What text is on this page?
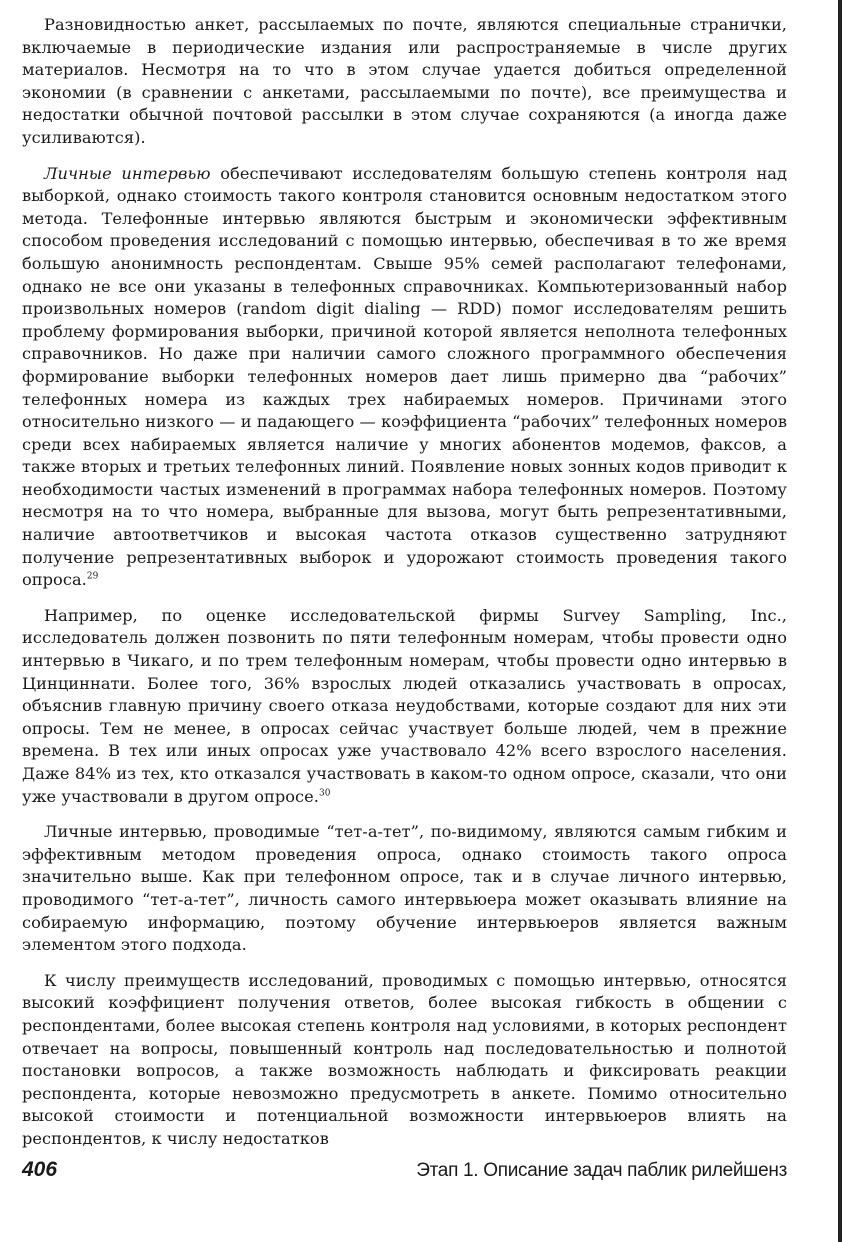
Разновидностью анкет, рассылаемых по почте, являются специальные странички, включаемые в периодические издания или распространяемые в числе других материалов. Несмотря на то что в этом случае удается добиться определенной экономии (в сравнении с анкетами, рассылаемыми по почте), все преимущества и недостатки обычной почтовой рассылки в этом случае сохраняются (а иногда даже усиливаются).

Личные интервью обеспечивают исследователям большую степень контроля над выборкой, однако стоимость такого контроля становится основным недостатком этого метода. Телефонные интервью являются быстрым и экономически эффективным способом проведения исследований с помощью интервью, обеспечивая в то же время большую анонимность респондентам. Свыше 95% семей располагают телефонами, однако не все они указаны в телефонных справочниках. Компьютеризованный набор произвольных номеров (random digit dialing — RDD) помог исследователям решить проблему формирования выборки, причиной которой является неполнота телефонных справочников. Но даже при наличии самого сложного программного обеспечения формирование выборки телефонных номеров дает лишь примерно два “рабочих” телефонных номера из каждых трех набираемых номеров. Причинами этого относительно низкого — и падающего — коэффициента “рабочих” телефонных номеров среди всех набираемых является наличие у многих абонентов модемов, факсов, а также вторых и третьих телефонных линий. Появление новых зонных кодов приводит к необходимости частых изменений в программах набора телефонных номеров. Поэтому несмотря на то что номера, выбранные для вызова, могут быть репрезентативными, наличие автоответчиков и высокая частота отказов существенно затрудняют получение репрезентативных выборок и удорожают стоимость проведения такого опроса.$^{29}$

Например, по оценке исследовательской фирмы Survey Sampling, Inc., исследователь должен позвонить по пяти телефонным номерам, чтобы провести одно интервью в Чикаго, и по трем телефонным номерам, чтобы провести одно интервью в Цинциннати. Более того, 36% взрослых людей отказались участвовать в опросах, объяснив главную причину своего отказа неудобствами, которые создают для них эти опросы. Тем не менее, в опросах сейчас участвует больше людей, чем в прежние времена. В тех или иных опросах уже участвовало 42% всего взрослого населения. Даже 84% из тех, кто отказался участвовать в каком-то одном опросе, сказали, что они уже участвовали в другом опросе.$^{30}$

Личные интервью, проводимые “тет-а-тет”, по-видимому, являются самым гибким и эффективным методом проведения опроса, однако стоимость такого опроса значительно выше. Как при телефонном опросе, так и в случае личного интервью, проводимого “тет-а-тет”, личность самого интервьюера может оказывать влияние на собираемую информацию, поэтому обучение интервьюеров является важным элементом этого подхода.

К числу преимуществ исследований, проводимых с помощью интервью, относятся высокий коэффициент получения ответов, более высокая гибкость в общении с респондентами, более высокая степень контроля над условиями, в которых респондент отвечает на вопросы, повышенный контроль над последовательностью и полнотой постановки вопросов, а также возможность наблюдать и фиксировать реакции респондента, которые невозможно предусмотреть в анкете. Помимо относительно высокой стоимости и потенциальной возможности интервьюеров влиять на респондентов, к числу недостатков

406	Этап 1. Описание задач паблик рилейшенз
